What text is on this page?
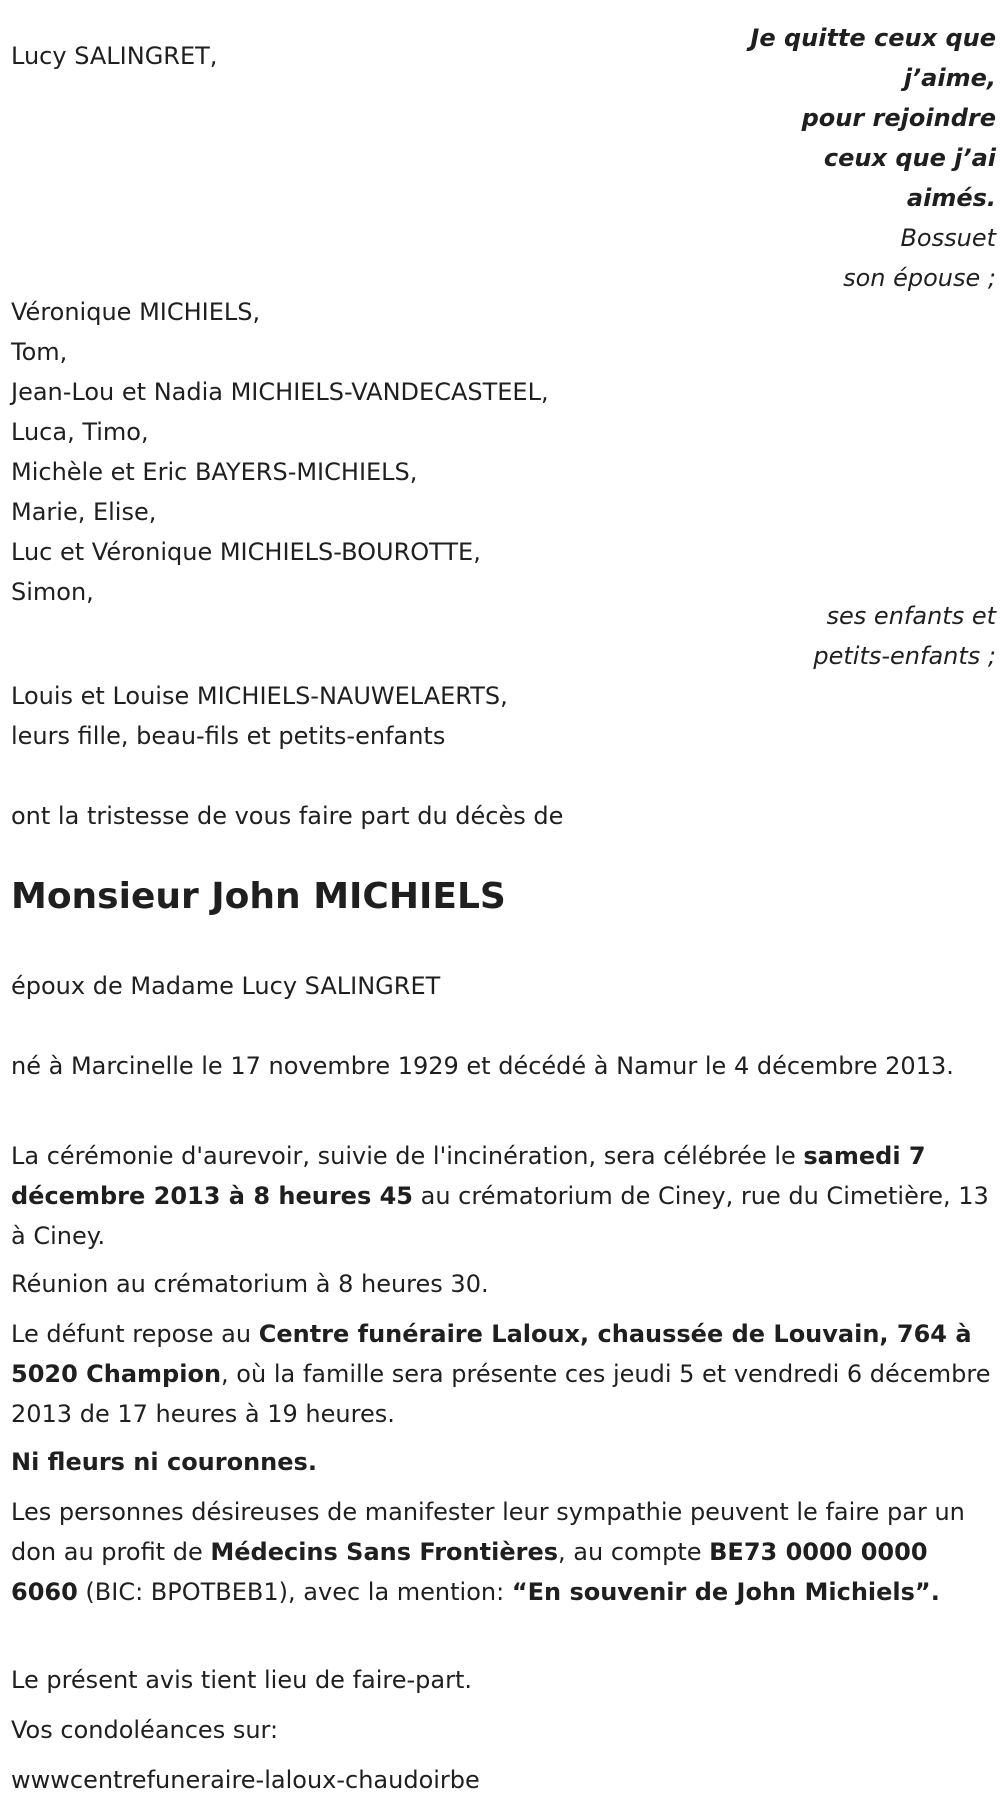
Lucy SALINGRET,
Je quitte ceux que
j’aime,
pour rejoindre
ceux que j’ai
aimés.
Bossuet
son épouse ;
Véronique MICHIELS,
Tom,
Jean-Lou et Nadia MICHIELS-VANDECASTEEL,
Luca, Timo,
Michèle et Eric BAYERS-MICHIELS,
Marie, Elise,
Luc et Véronique MICHIELS-BOUROTTE,
Simon,
ses enfants et
petits-enfants ;
Louis et Louise MICHIELS-NAUWELAERTS,
leurs fille, beau-fils et petits-enfants
ont la tristesse de vous faire part du décès de
Monsieur John MICHIELS
époux de Madame Lucy SALINGRET
né à Marcinelle le 17 novembre 1929 et décédé à Namur le 4 décembre 2013.
La cérémonie d'aurevoir, suivie de l'incinération, sera célébrée le samedi 7 décembre 2013 à 8 heures 45 au crématorium de Ciney, rue du Cimetière, 13 à Ciney.
Réunion au crématorium à 8 heures 30.
Le défunt repose au Centre funéraire Laloux, chaussée de Louvain, 764 à 5020 Champion, où la famille sera présente ces jeudi 5 et vendredi 6 décembre 2013 de 17 heures à 19 heures.
Ni fleurs ni couronnes.
Les personnes désireuses de manifester leur sympathie peuvent le faire par un don au profit de Médecins Sans Frontières, au compte BE73 0000 0000 6060 (BIC: BPOTBEB1), avec la mention: “En souvenir de John Michiels”.
Le présent avis tient lieu de faire-part.
Vos condoléances sur:
wwwcentrefuneraire-laloux-chaudoirbe
